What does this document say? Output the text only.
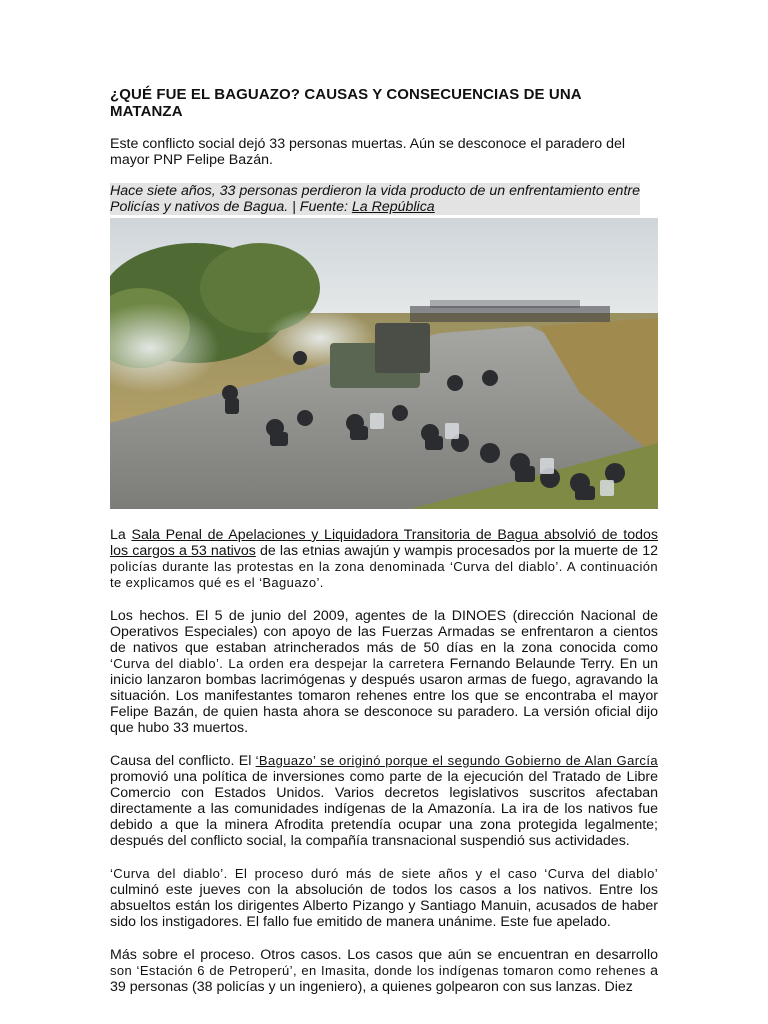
¿QUÉ FUE EL BAGUAZO? CAUSAS Y CONSECUENCIAS DE UNA MATANZA

Este conflicto social dejó 33 personas muertas. Aún se desconoce el paradero del mayor PNP Felipe Bazán.

Hace siete años, 33 personas perdieron la vida producto de un enfrentamiento entre Policías y nativos de Bagua. | Fuente: La República

La Sala Penal de Apelaciones y Liquidadora Transitoria de Bagua absolvió de todos los cargos a 53 nativos de las etnias awajún y wampis procesados por la muerte de 12 policías durante las protestas en la zona denominada ‘Curva del diablo’. A continuación te explicamos qué es el ‘Baguazo’.

Los hechos. El 5 de junio del 2009, agentes de la DINOES (dirección Nacional de Operativos Especiales) con apoyo de las Fuerzas Armadas se enfrentaron a cientos de nativos que estaban atrincherados más de 50 días en la zona conocida como ‘Curva del diablo’. La orden era despejar la carretera Fernando Belaunde Terry. En un inicio lanzaron bombas lacrimógenas y después usaron armas de fuego, agravando la situación. Los manifestantes tomaron rehenes entre los que se encontraba el mayor Felipe Bazán, de quien hasta ahora se desconoce su paradero. La versión oficial dijo que hubo 33 muertos.

Causa del conflicto. El ‘Baguazo’ se originó porque el segundo Gobierno de Alan García promovió una política de inversiones como parte de la ejecución del Tratado de Libre Comercio con Estados Unidos. Varios decretos legislativos suscritos afectaban directamente a las comunidades indígenas de la Amazonía. La ira de los nativos fue debido a que la minera Afrodita pretendía ocupar una zona protegida legalmente; después del conflicto social, la compañía transnacional suspendió sus actividades.

‘Curva del diablo’. El proceso duró más de siete años y el caso ‘Curva del diablo’ culminó este jueves con la absolución de todos los casos a los nativos. Entre los absueltos están los dirigentes Alberto Pizango y Santiago Manuin, acusados de haber sido los instigadores. El fallo fue emitido de manera unánime. Este fue apelado.

Más sobre el proceso. Otros casos. Los casos que aún se encuentran en desarrollo son ‘Estación 6 de Petroperú’, en Imasita, donde los indígenas tomaron como rehenes a 39 personas (38 policías y un ingeniero), a quienes golpearon con sus lanzas. Diez
